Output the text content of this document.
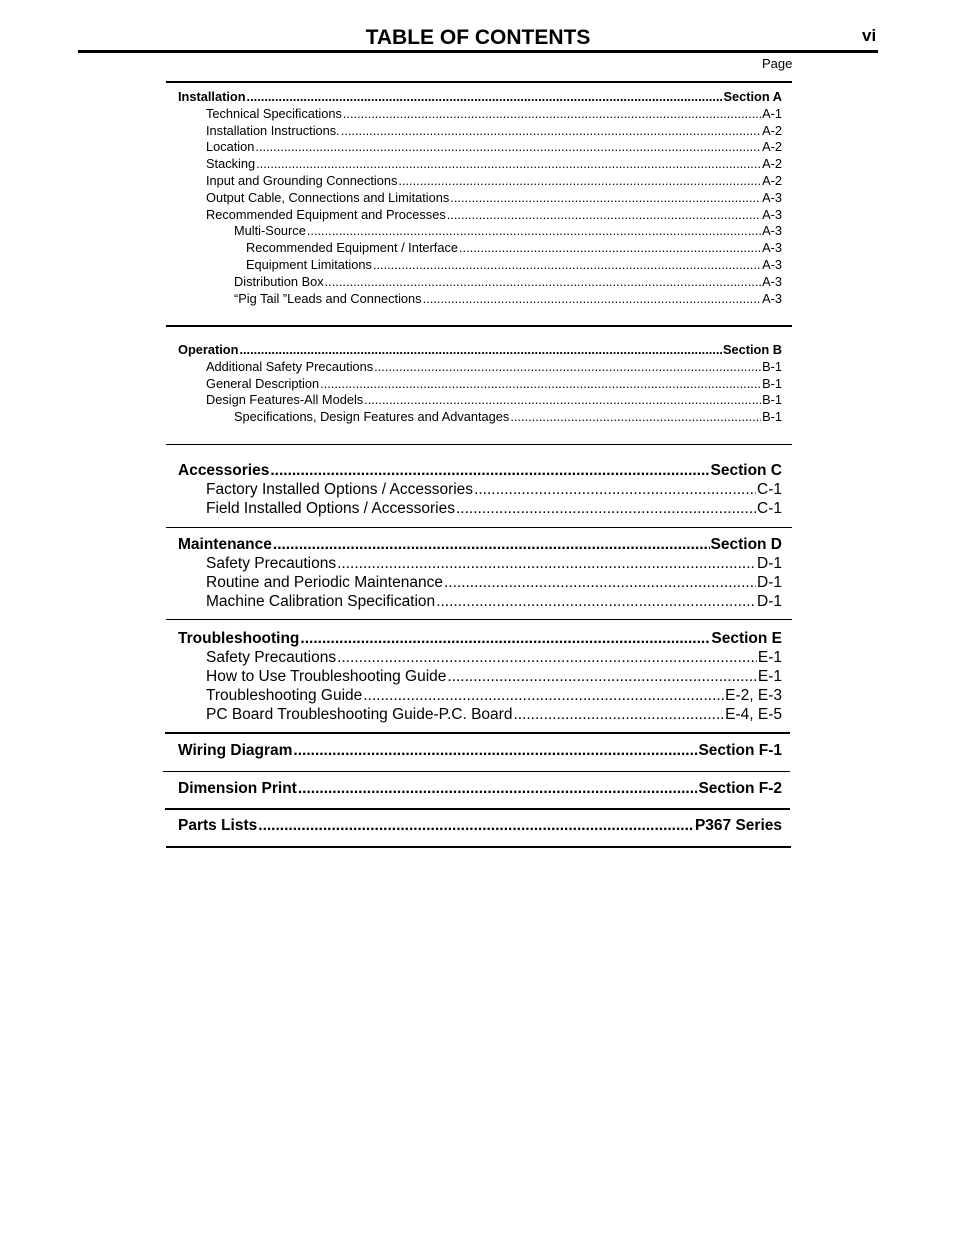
TABLE OF CONTENTS	vi
Page
Installation .....	Section A
Technical Specifications .....	A-1
Installation Instructions. .....	A-2
Location .....	A-2
Stacking .....	A-2
Input and Grounding Connections .....	A-2
Output Cable, Connections and Limitations .....	A-3
Recommended Equipment and Processes .....	A-3
Multi-Source .....	A-3
Recommended Equipment / Interface .....	A-3
Equipment Limitations .....	A-3
Distribution Box .....	A-3
“Pig Tail ”Leads and Connections .....	A-3
Operation .....	Section B
Additional Safety Precautions .....	B-1
General Description .....	B-1
Design Features-All Models .....	B-1
Specifications, Design Features and Advantages .....	B-1
Accessories .....	Section C
Factory Installed Options / Accessories .....	C-1
Field Installed Options / Accessories .....	C-1
Maintenance .....	Section D
Safety Precautions .....	D-1
Routine and Periodic Maintenance .....	D-1
Machine Calibration Specification .....	D-1
Troubleshooting .....	Section E
Safety Precautions .....	E-1
How to Use Troubleshooting Guide .....	E-1
Troubleshooting Guide .....	E-2, E-3
PC Board Troubleshooting Guide-P.C. Board .....	E-4, E-5
Wiring Diagram .....	Section F-1
Dimension Print .....	Section F-2
Parts Lists .....	P367 Series
